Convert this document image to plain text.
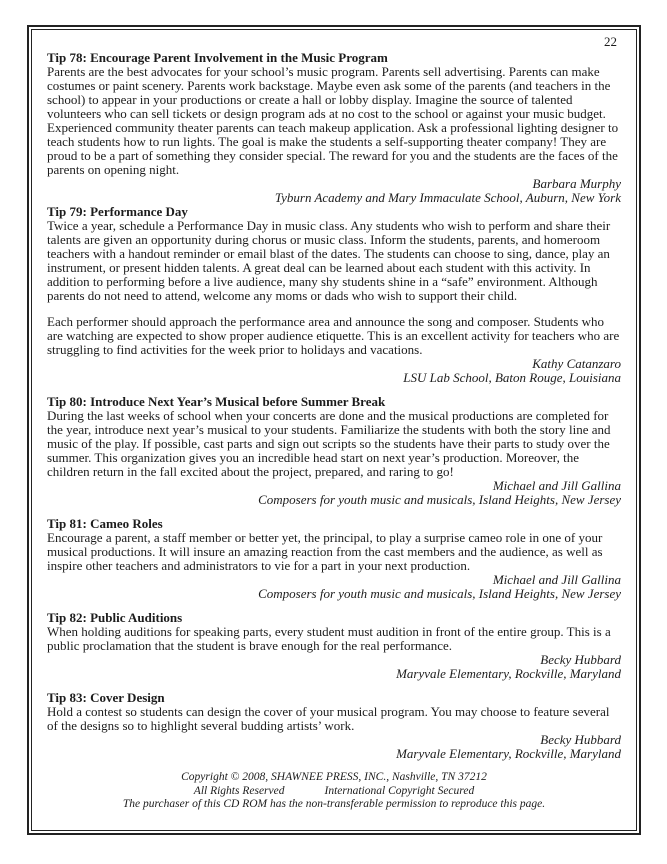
22
Tip 78: Encourage Parent Involvement in the Music Program

Parents are the best advocates for your school’s music program. Parents sell advertising. Parents can make costumes or paint scenery. Parents work backstage. Maybe even ask some of the parents (and teachers in the school) to appear in your productions or create a hall or lobby display. Imagine the source of talented volunteers who can sell tickets or design program ads at no cost to the school or against your music budget. Experienced community theater parents can teach makeup application. Ask a professional lighting designer to teach students how to run lights. The goal is make the students a self-supporting theater company! They are proud to be a part of something they consider special. The reward for you and the students are the faces of the parents on opening night.

Barbara Murphy
Tyburn Academy and Mary Immaculate School, Auburn, New York
Tip 79: Performance Day

Twice a year, schedule a Performance Day in music class. Any students who wish to perform and share their talents are given an opportunity during chorus or music class. Inform the students, parents, and homeroom teachers with a handout reminder or email blast of the dates. The students can choose to sing, dance, play an instrument, or present hidden talents. A great deal can be learned about each student with this activity. In addition to performing before a live audience, many shy students shine in a “safe” environment. Although parents do not need to attend, welcome any moms or dads who wish to support their child.

Each performer should approach the performance area and announce the song and composer. Students who are watching are expected to show proper audience etiquette. This is an excellent activity for teachers who are struggling to find activities for the week prior to holidays and vacations.

Kathy Catanzaro
LSU Lab School, Baton Rouge, Louisiana
Tip 80: Introduce Next Year’s Musical before Summer Break

During the last weeks of school when your concerts are done and the musical productions are completed for the year, introduce next year’s musical to your students. Familiarize the students with both the story line and music of the play. If possible, cast parts and sign out scripts so the students have their parts to study over the summer. This organization gives you an incredible head start on next year’s production. Moreover, the children return in the fall excited about the project, prepared, and raring to go!

Michael and Jill Gallina
Composers for youth music and musicals, Island Heights, New Jersey
Tip 81: Cameo Roles

Encourage a parent, a staff member or better yet, the principal, to play a surprise cameo role in one of your musical productions. It will insure an amazing reaction from the cast members and the audience, as well as inspire other teachers and administrators to vie for a part in your next production.

Michael and Jill Gallina
Composers for youth music and musicals, Island Heights, New Jersey
Tip 82: Public Auditions

When holding auditions for speaking parts, every student must audition in front of the entire group. This is a public proclamation that the student is brave enough for the real performance.

Becky Hubbard
Maryvale Elementary, Rockville, Maryland
Tip 83: Cover Design

Hold a contest so students can design the cover of your musical program. You may choose to feature several of the designs so to highlight several budding artists’ work.

Becky Hubbard
Maryvale Elementary, Rockville, Maryland
Copyright © 2008, SHAWNEE PRESS, INC., Nashville, TN 37212
All Rights Reserved	International Copyright Secured
The purchaser of this CD ROM has the non-transferable permission to reproduce this page.
